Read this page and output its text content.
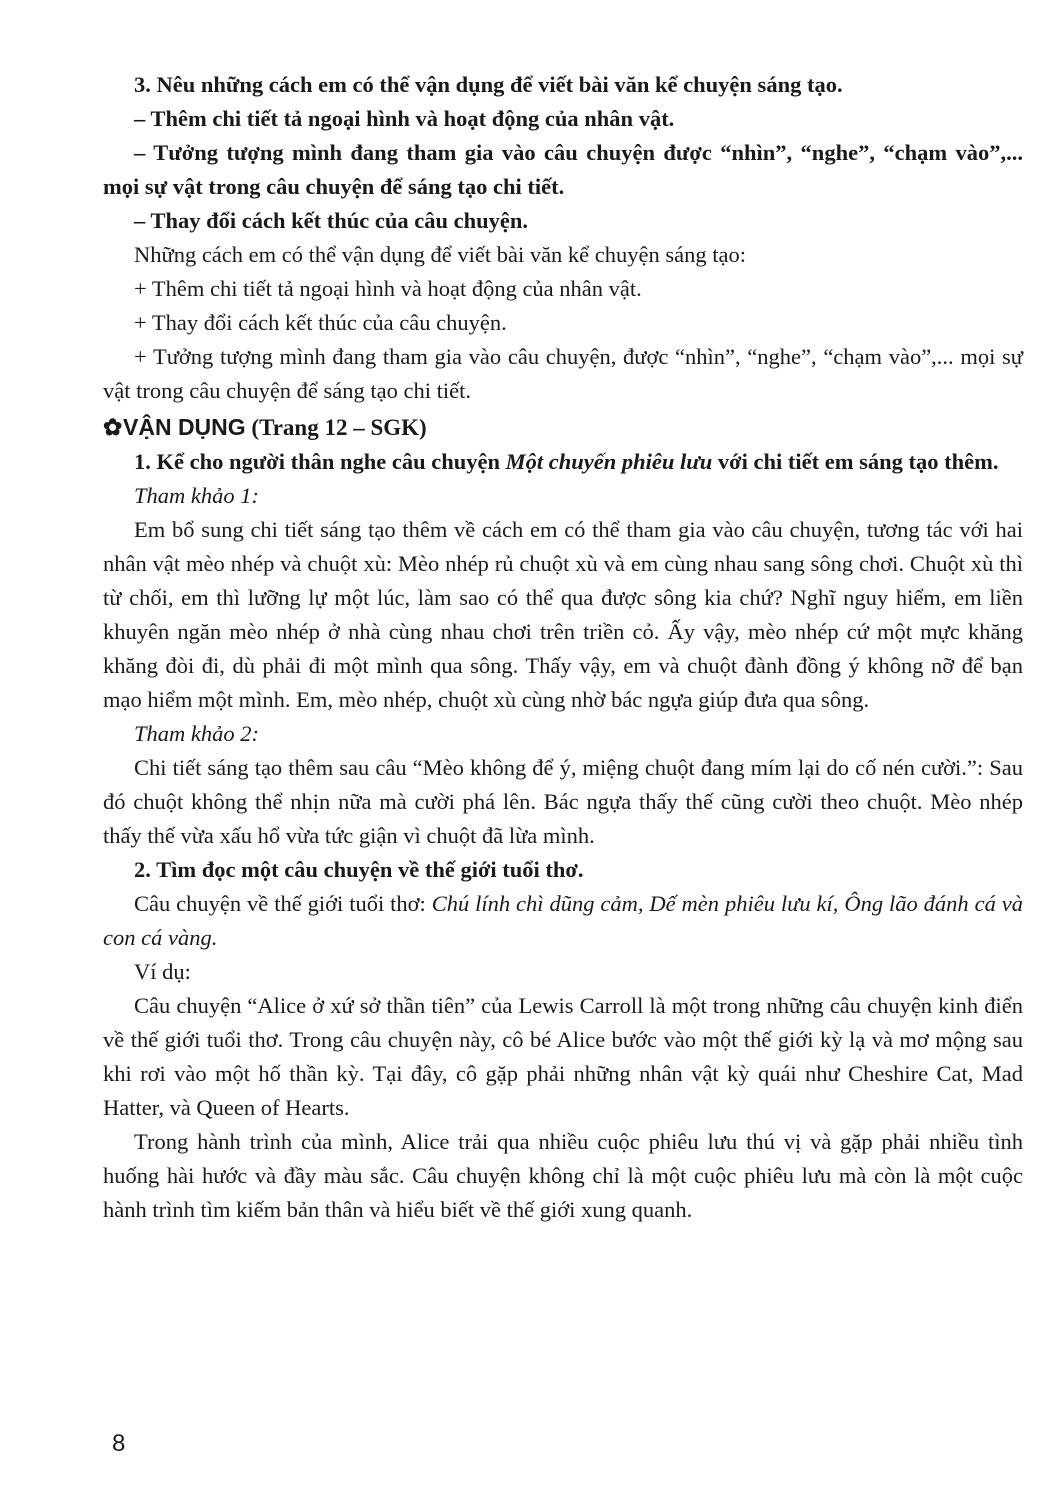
3. Nêu những cách em có thể vận dụng để viết bài văn kể chuyện sáng tạo.

– Thêm chi tiết tả ngoại hình và hoạt động của nhân vật.

– Tưởng tượng mình đang tham gia vào câu chuyện được “nhìn”, “nghe”, “chạm vào”,... mọi sự vật trong câu chuyện để sáng tạo chi tiết.

– Thay đổi cách kết thúc của câu chuyện.

Những cách em có thể vận dụng để viết bài văn kể chuyện sáng tạo:

+ Thêm chi tiết tả ngoại hình và hoạt động của nhân vật.

+ Thay đổi cách kết thúc của câu chuyện.

+ Tưởng tượng mình đang tham gia vào câu chuyện, được “nhìn”, “nghe”, “chạm vào”,... mọi sự vật trong câu chuyện để sáng tạo chi tiết.

✿VẬN DỤNG (Trang 12 – SGK)

1. Kể cho người thân nghe câu chuyện Một chuyến phiêu lưu với chi tiết em sáng tạo thêm.

Tham khảo 1:

Em bổ sung chi tiết sáng tạo thêm về cách em có thể tham gia vào câu chuyện, tương tác với hai nhân vật mèo nhép và chuột xù: Mèo nhép rủ chuột xù và em cùng nhau sang sông chơi. Chuột xù thì từ chối, em thì lưỡng lự một lúc, làm sao có thể qua được sông kia chứ? Nghĩ nguy hiểm, em liền khuyên ngăn mèo nhép ở nhà cùng nhau chơi trên triền cỏ. Ấy vậy, mèo nhép cứ một mực khăng khăng đòi đi, dù phải đi một mình qua sông. Thấy vậy, em và chuột đành đồng ý không nỡ để bạn mạo hiểm một mình. Em, mèo nhép, chuột xù cùng nhờ bác ngựa giúp đưa qua sông.

Tham khảo 2:

Chi tiết sáng tạo thêm sau câu “Mèo không để ý, miệng chuột đang mím lại do cố nén cười.”: Sau đó chuột không thể nhịn nữa mà cười phá lên. Bác ngựa thấy thế cũng cười theo chuột. Mèo nhép thấy thế vừa xấu hổ vừa tức giận vì chuột đã lừa mình.

2. Tìm đọc một câu chuyện về thế giới tuổi thơ.

Câu chuyện về thế giới tuổi thơ: Chú lính chì dũng cảm, Dế mèn phiêu lưu kí, Ông lão đánh cá và con cá vàng.

Ví dụ:

Câu chuyện “Alice ở xứ sở thần tiên” của Lewis Carroll là một trong những câu chuyện kinh điển về thế giới tuổi thơ. Trong câu chuyện này, cô bé Alice bước vào một thế giới kỳ lạ và mơ mộng sau khi rơi vào một hố thần kỳ. Tại đây, cô gặp phải những nhân vật kỳ quái như Cheshire Cat, Mad Hatter, và Queen of Hearts.

Trong hành trình của mình, Alice trải qua nhiều cuộc phiêu lưu thú vị và gặp phải nhiều tình huống hài hước và đầy màu sắc. Câu chuyện không chỉ là một cuộc phiêu lưu mà còn là một cuộc hành trình tìm kiếm bản thân và hiểu biết về thế giới xung quanh.

8
